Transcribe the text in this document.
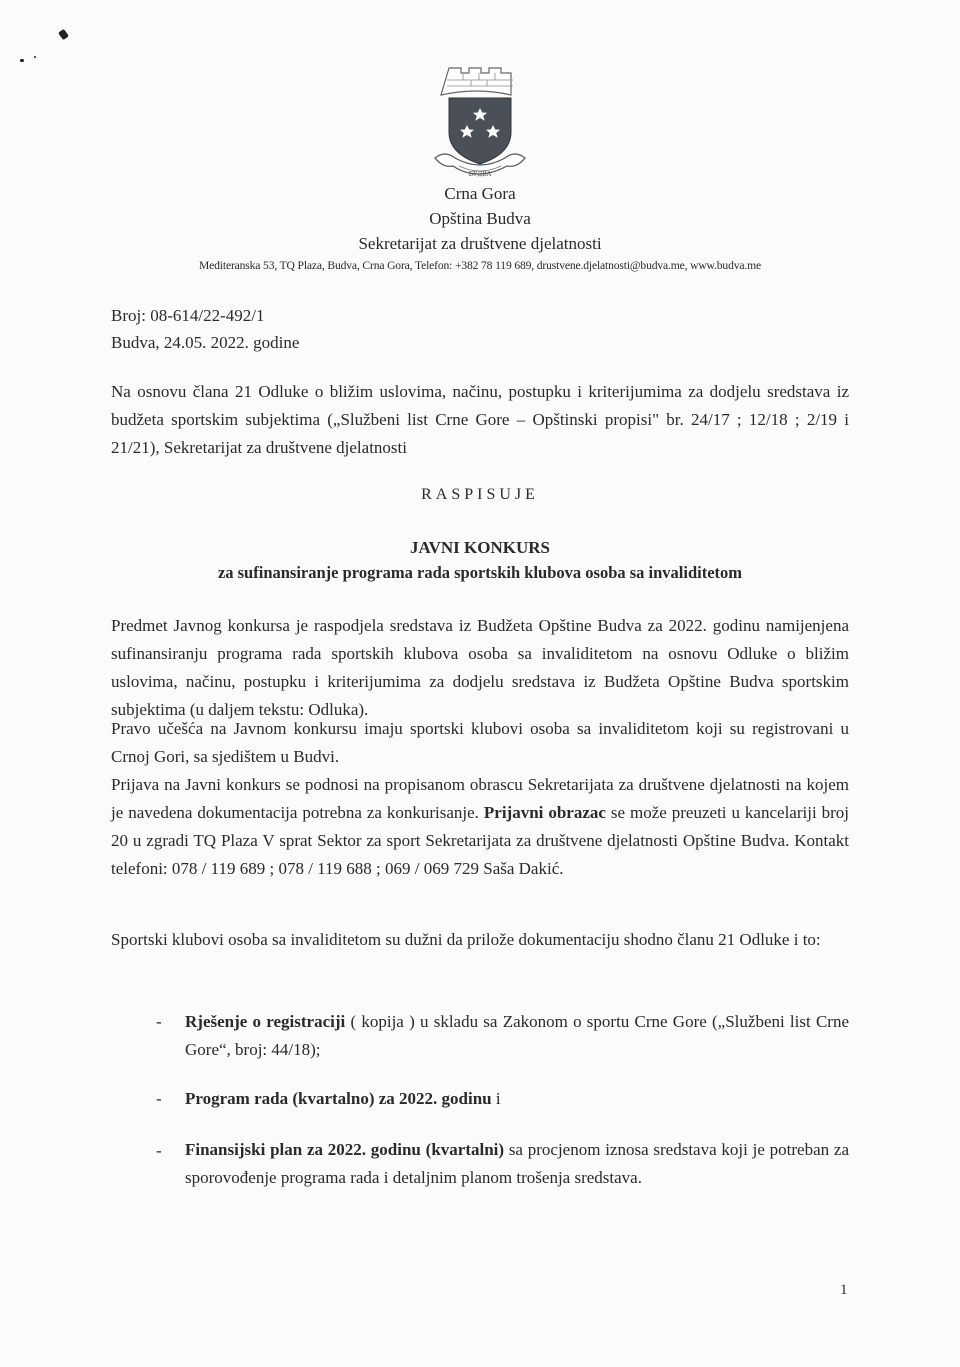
БУДВА
Crna Gora
Opština Budva
Sekretarijat za društvene djelatnosti
Mediteranska 53, TQ Plaza, Budva, Crna Gora, Telefon: +382 78 119 689, drustvene.djelatnosti@budva.me, www.budva.me
Broj: 08-614/22-492/1
Budva, 24.05. 2022. godine
Na osnovu člana 21 Odluke o bližim uslovima, načinu, postupku i kriterijumima za dodjelu sredstava iz budžeta sportskim subjektima („Službeni list Crne Gore – Opštinski propisi" br. 24/17 ; 12/18 ; 2/19 i 21/21), Sekretarijat za društvene djelatnosti
RASPISUJE
JAVNI KONKURS
za sufinansiranje programa rada sportskih klubova osoba sa invaliditetom
Predmet Javnog konkursa je raspodjela sredstava iz Budžeta Opštine Budva za 2022. godinu namijenjena sufinansiranju programa rada sportskih klubova osoba sa invaliditetom na osnovu Odluke o bližim uslovima, načinu, postupku i kriterijumima za dodjelu sredstava iz Budžeta Opštine Budva sportskim subjektima (u daljem tekstu: Odluka).
Pravo učešća na Javnom konkursu imaju sportski klubovi osoba sa invaliditetom koji su registrovani u Crnoj Gori, sa sjedištem u Budvi.
Prijava na Javni konkurs se podnosi na propisanom obrascu Sekretarijata za društvene djelatnosti na kojem je navedena dokumentacija potrebna za konkurisanje. Prijavni obrazac se može preuzeti u kancelariji broj 20 u zgradi TQ Plaza V sprat Sektor za sport Sekretarijata za društvene djelatnosti Opštine Budva. Kontakt telefoni: 078 / 119 689 ; 078 / 119 688 ; 069 / 069 729 Saša Dakić.
Sportski klubovi osoba sa invaliditetom su dužni da prilože dokumentaciju shodno članu 21 Odluke i to:
- Rješenje o registraciji ( kopija ) u skladu sa Zakonom o sportu Crne Gore („Službeni list Crne Gore“, broj: 44/18);
- Program rada (kvartalno) za 2022. godinu i
- Finansijski plan za 2022. godinu (kvartalni) sa procjenom iznosa sredstava koji je potreban za sporovođenje programa rada i detaljnim planom trošenja sredstava.
1
